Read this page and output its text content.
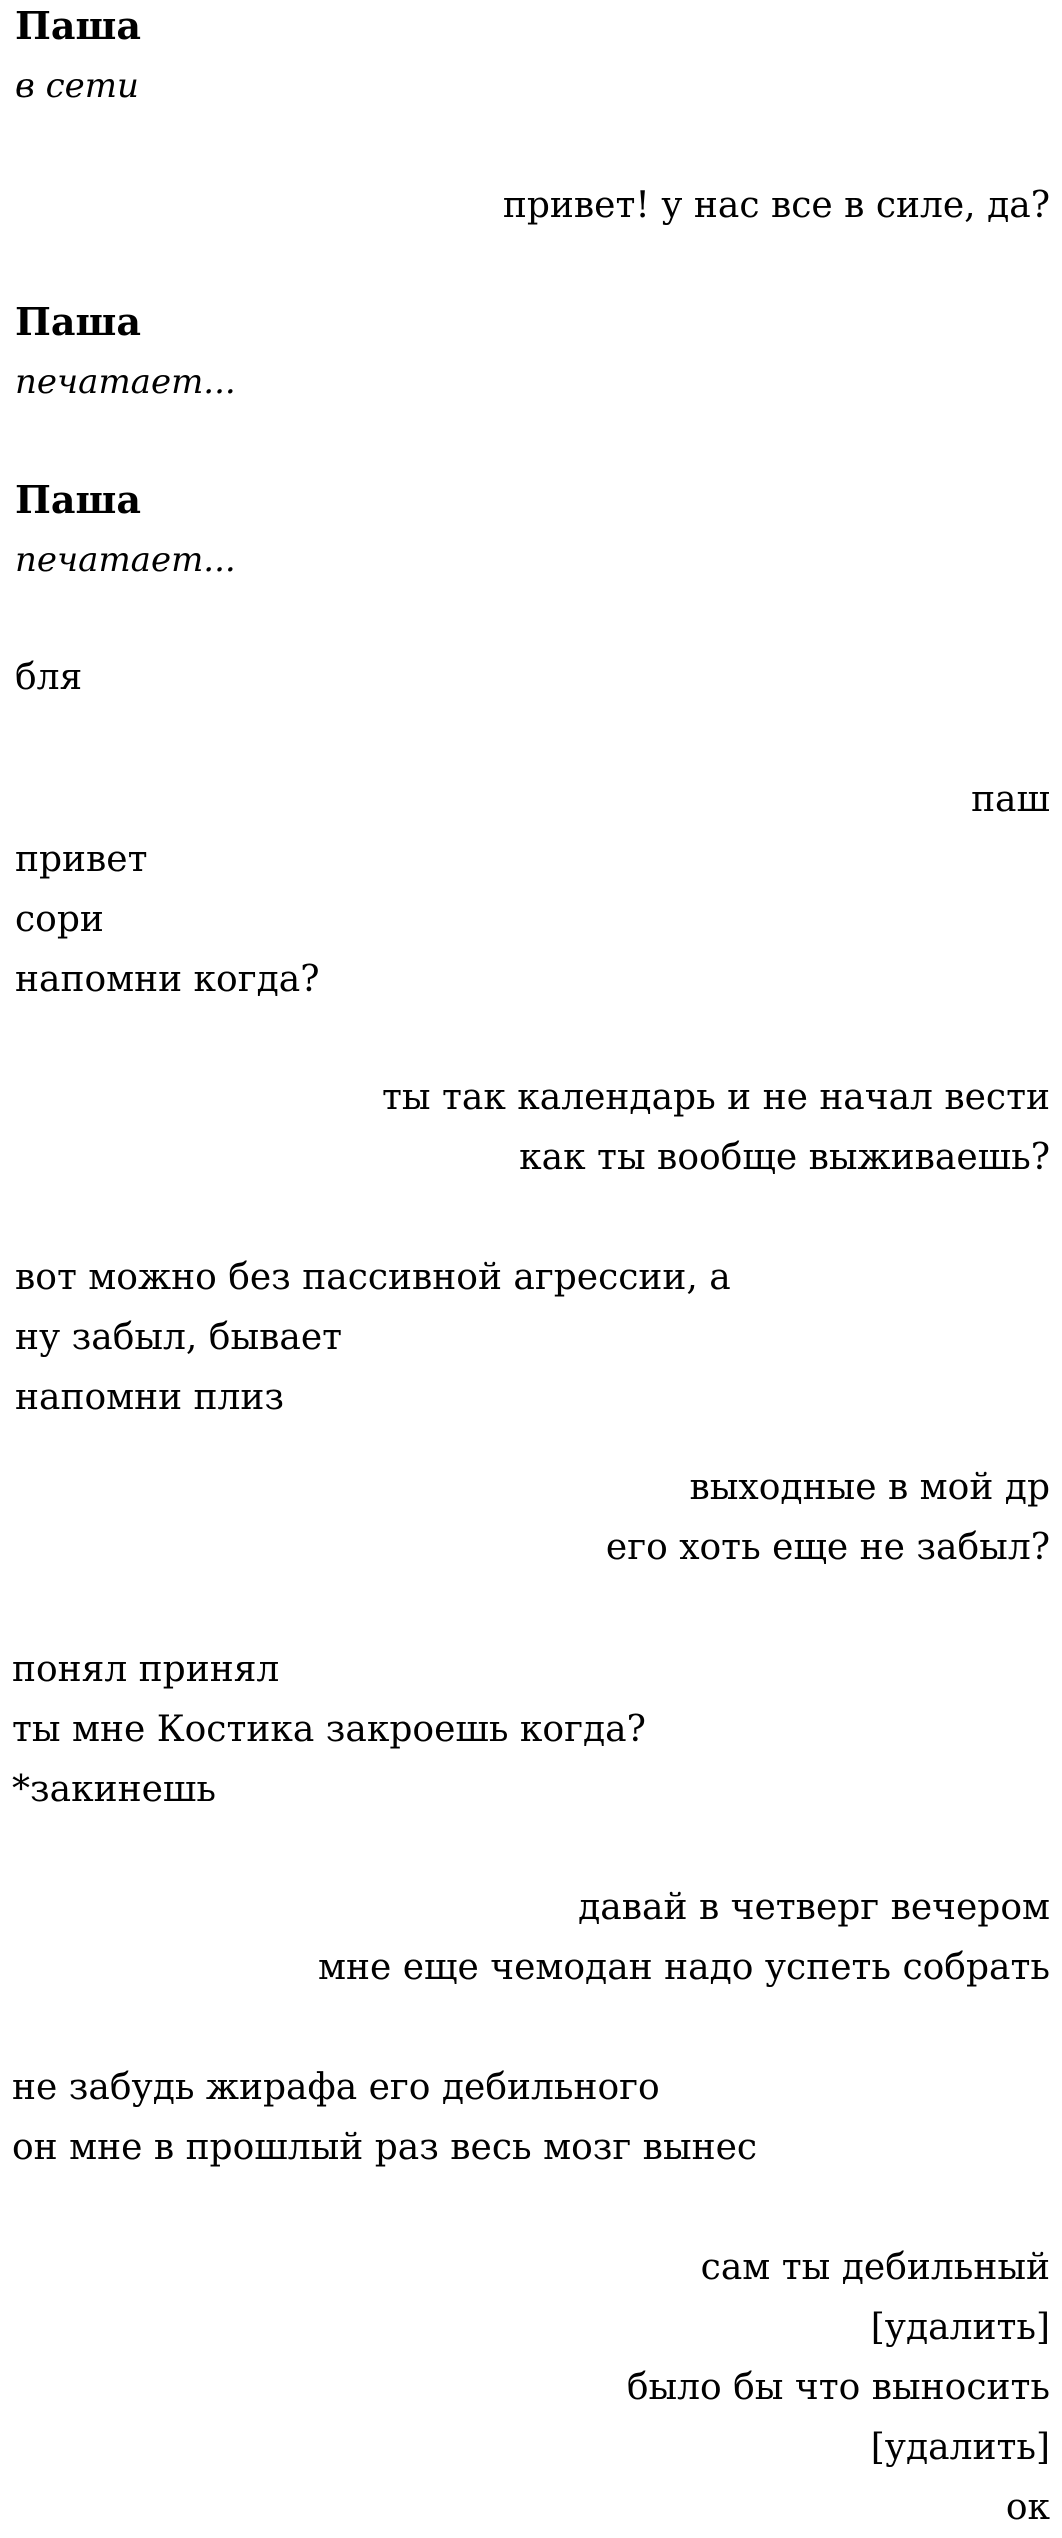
Паша
в сети
привет! у нас все в силе, да?
Паша
печатает...
Паша
печатает...
бля
паш
привет
сори
напомни когда?
ты так календарь и не начал вести
как ты вообще выживаешь?
вот можно без пассивной агрессии, а
ну забыл, бывает
напомни плиз
выходные в мой др
его хоть еще не забыл?
понял принял
ты мне Костика закроешь когда?
*закинешь
давай в четверг вечером
мне еще чемодан надо успеть собрать
не забудь жирафа его дебильного
он мне в прошлый раз весь мозг вынес
сам ты дебильный
[удалить]
было бы что выносить
[удалить]
ок
